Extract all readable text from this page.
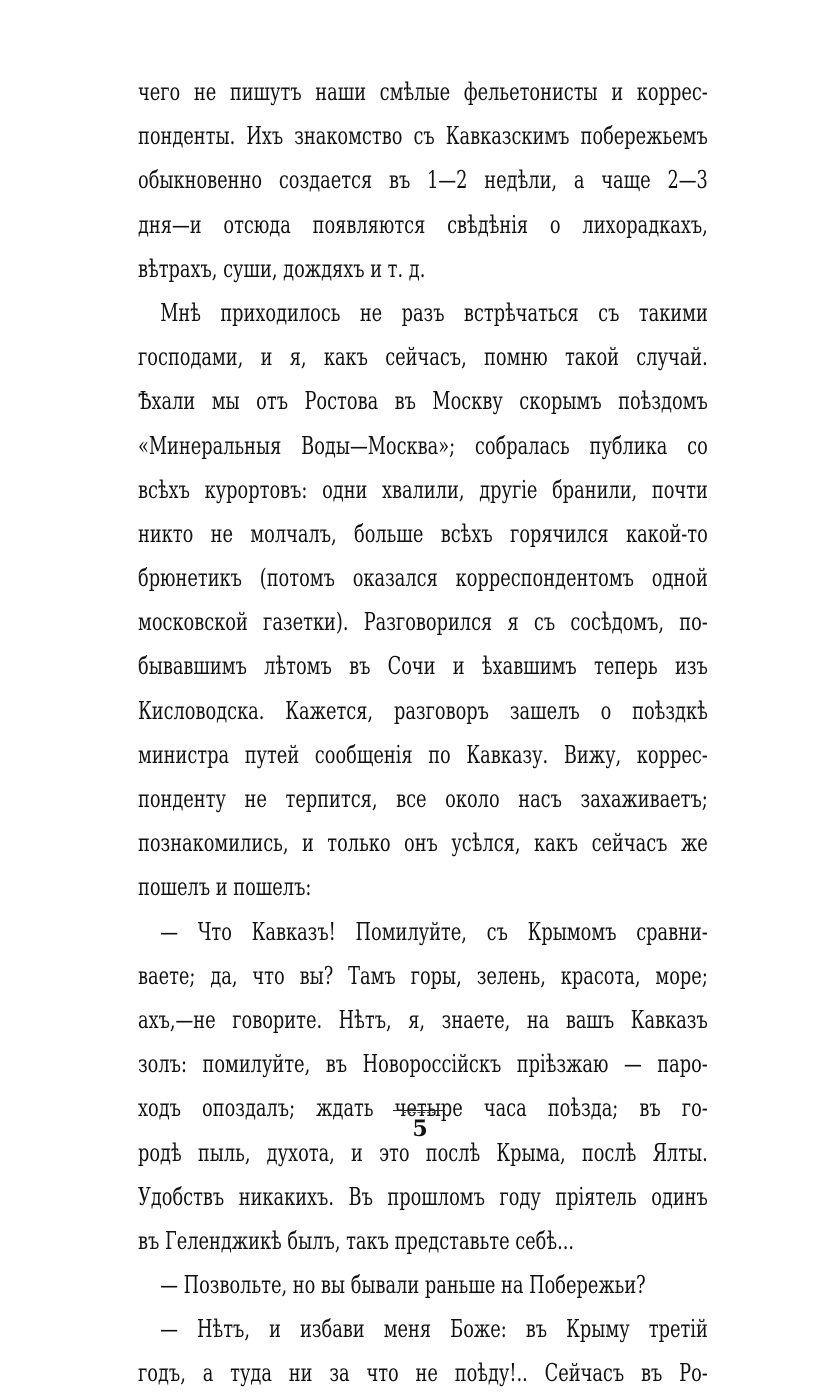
чего не пишутъ наши смѣлые фельетонисты и коррес-
понденты. Ихъ знакомство съ Кавказскимъ побережьемъ
обыкновенно создается въ 1—2 недѣли, а чаще 2—3
дня—и отсюда появляются свѣдѣнія о лихорадкахъ,
вѣтрахъ, суши, дождяхъ и т. д.
Мнѣ приходилось не разъ встрѣчаться съ такими
господами, и я, какъ сейчасъ, помню такой случай.
Ѣхали мы отъ Ростова въ Москву скорымъ поѣздомъ
«Минеральныя Воды—Москва»; собралась публика со
всѣхъ курортовъ: одни хвалили, другіе бранили, почти
никто не молчалъ, больше всѣхъ горячился какой-то
брюнетикъ (потомъ оказался корреспондентомъ одной
московской газетки). Разговорился я съ сосѣдомъ, по-
бывавшимъ лѣтомъ въ Сочи и ѣхавшимъ теперь изъ
Кисловодска. Кажется, разговоръ зашелъ о поѣздкѣ
министра путей сообщенія по Кавказу. Вижу, коррес-
понденту не терпится, все около насъ захаживаетъ;
познакомились, и только онъ усѣлся, какъ сейчасъ же
пошелъ и пошелъ:
— Что Кавказъ! Помилуйте, съ Крымомъ сравни-
ваете; да, что вы? Тамъ горы, зелень, красота, море;
ахъ,—не говорите. Нѣтъ, я, знаете, на вашъ Кавказъ
золъ: помилуйте, въ Новороссійскъ пріѣзжаю — паро-
ходъ опоздалъ; ждать четыре часа поѣзда; въ го-
родѣ пыль, духота, и это послѣ Крыма, послѣ Ялты.
Удобствъ никакихъ. Въ прошломъ году пріятель одинъ
въ Геленджикѣ былъ, такъ представьте себѣ...
— Позвольте, но вы бывали раньше на Побережьи?
— Нѣтъ, и избави меня Боже: въ Крыму третій
годъ, а туда ни за что не поѣду!.. Сейчасъ въ Ро-
5
